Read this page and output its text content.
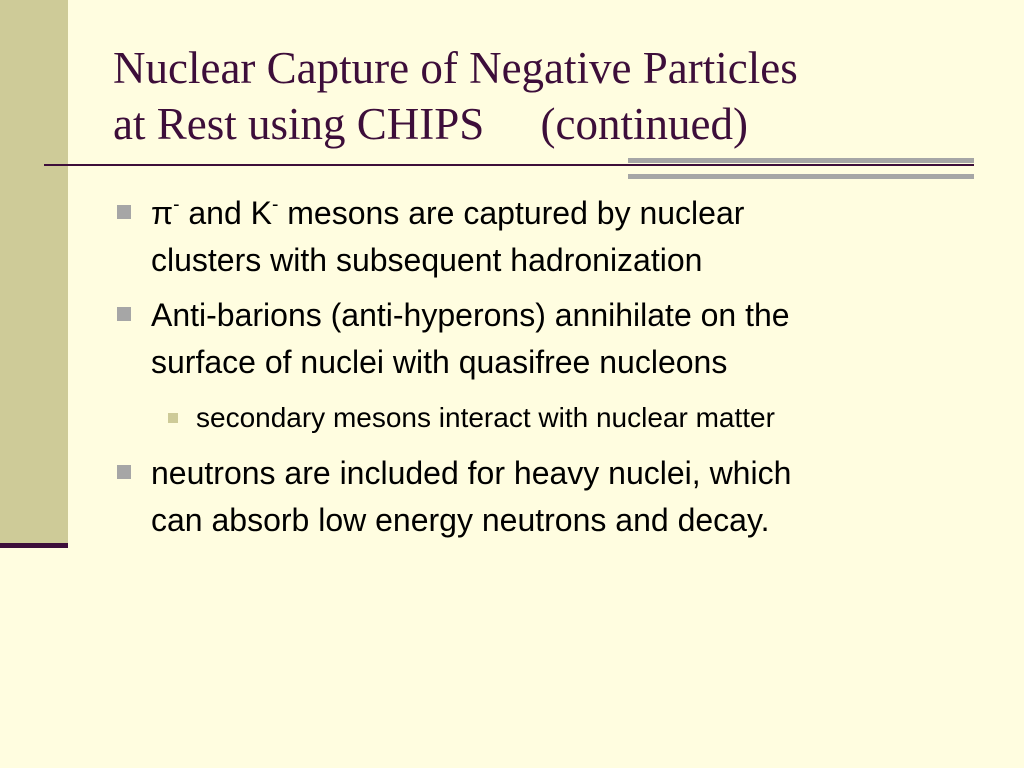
Nuclear Capture of Negative Particles
at Rest using CHIPS     (continued)
π- and K- mesons are captured by nuclear
clusters with subsequent hadronization
Anti-barions (anti-hyperons) annihilate on the
surface of nuclei with quasifree nucleons
secondary mesons interact with nuclear matter
neutrons are included for heavy nuclei, which
can absorb low energy neutrons and decay.
